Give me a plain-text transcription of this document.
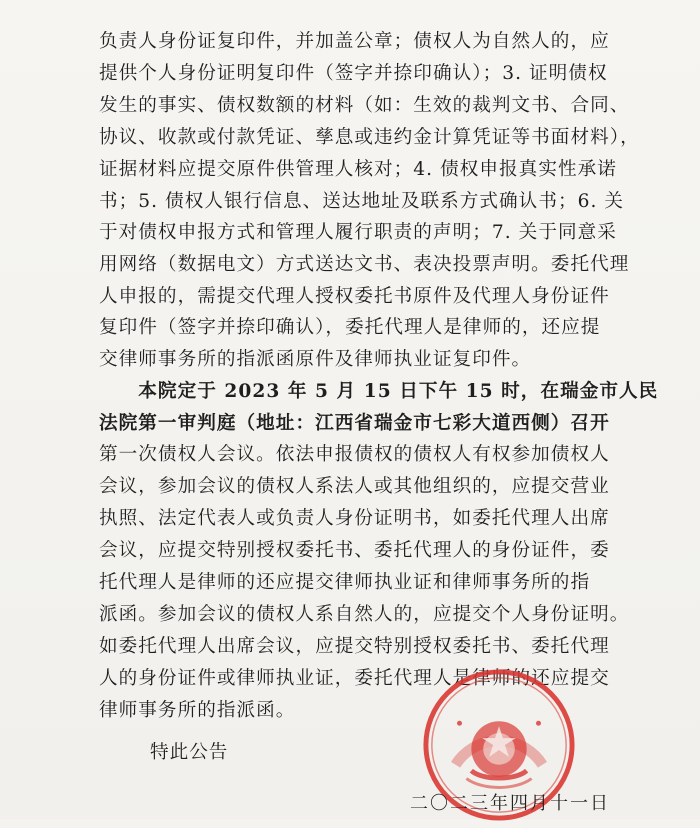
负责人身份证复印件，并加盖公章；债权人为自然人的，应
提供个人身份证明复印件（签字并捺印确认）；3. 证明债权
发生的事实、债权数额的材料（如：生效的裁判文书、合同、
协议、收款或付款凭证、孳息或违约金计算凭证等书面材料），
证据材料应提交原件供管理人核对；4. 债权申报真实性承诺
书；5. 债权人银行信息、送达地址及联系方式确认书；6. 关
于对债权申报方式和管理人履行职责的声明；7. 关于同意采
用网络（数据电文）方式送达文书、表决投票声明。委托代理
人申报的，需提交代理人授权委托书原件及代理人身份证件
复印件（签字并捺印确认），委托代理人是律师的，还应提
交律师事务所的指派函原件及律师执业证复印件。
　　本院定于 2023 年 5 月 15 日下午 15 时，在瑞金市人民
法院第一审判庭（地址：江西省瑞金市七彩大道西侧）召开
第一次债权人会议。依法申报债权的债权人有权参加债权人
会议，参加会议的债权人系法人或其他组织的，应提交营业
执照、法定代表人或负责人身份证明书，如委托代理人出席
会议，应提交特别授权委托书、委托代理人的身份证件，委
托代理人是律师的还应提交律师执业证和律师事务所的指
派函。参加会议的债权人系自然人的，应提交个人身份证明。
如委托代理人出席会议，应提交特别授权委托书、委托代理
人的身份证件或律师执业证，委托代理人是律师的还应提交
律师事务所的指派函。
特此公告
二〇二三年四月十一日
